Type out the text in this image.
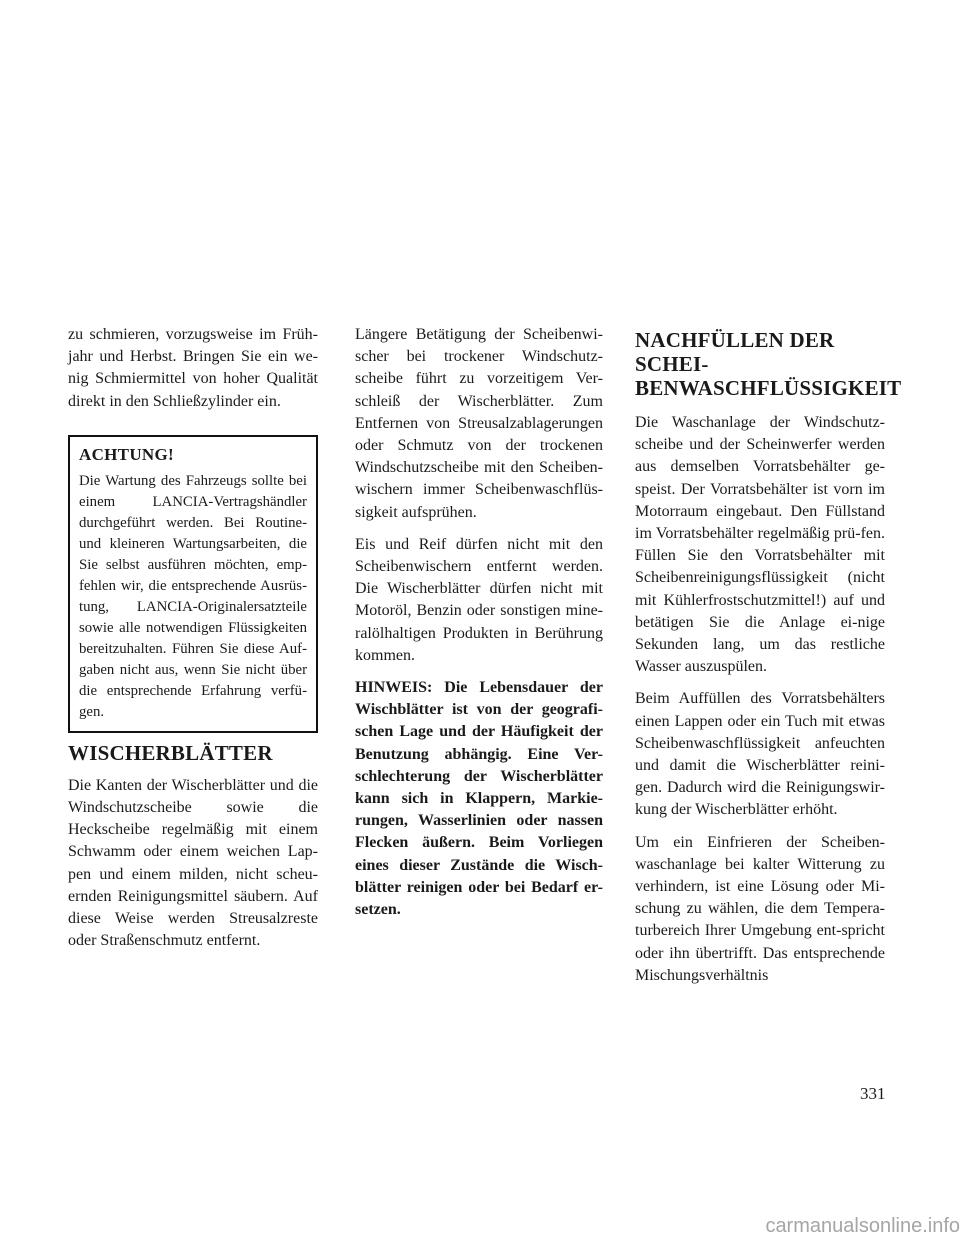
zu schmieren, vorzugsweise im Früh-jahr und Herbst. Bringen Sie ein we-nig Schmiermittel von hoher Qualität direkt in den Schließzylinder ein.

ACHTUNG!

Die Wartung des Fahrzeugs sollte bei einem LANCIA-Vertragshändler durchgeführt werden. Bei Routine- und kleineren Wartungsarbeiten, die Sie selbst ausführen möchten, emp-fehlen wir, die entsprechende Ausrüs-tung, LANCIA-Originalersatzteile sowie alle notwendigen Flüssigkeiten bereitzuhalten. Führen Sie diese Auf-gaben nicht aus, wenn Sie nicht über die entsprechende Erfahrung verfü-gen.

WISCHERBLÄTTER

Die Kanten der Wischerblätter und die Windschutzscheibe sowie die Heckscheibe regelmäßig mit einem Schwamm oder einem weichen Lap-pen und einem milden, nicht scheu-ernden Reinigungsmittel säubern. Auf diese Weise werden Streusalzreste oder Straßenschmutz entfernt.

Längere Betätigung der Scheibenwi-scher bei trockener Windschutz-scheibe führt zu vorzeitigem Ver-schleiß der Wischerblätter. Zum Entfernen von Streusalzablagerungen oder Schmutz von der trockenen Windschutzscheibe mit den Scheiben-wischern immer Scheibenwaschflüs-sigkeit aufsprühen.

Eis und Reif dürfen nicht mit den Scheibenwischern entfernt werden. Die Wischerblätter dürfen nicht mit Motoröl, Benzin oder sonstigen mine-ralölhaltigen Produkten in Berührung kommen.

HINWEIS: Die Lebensdauer der Wischblätter ist von der geografi-schen Lage und der Häufigkeit der Benutzung abhängig. Eine Ver-schlechterung der Wischerblätter kann sich in Klappern, Markie-rungen, Wasserlinien oder nassen Flecken äußern. Beim Vorliegen eines dieser Zustände die Wisch-blätter reinigen oder bei Bedarf er-setzen.

NACHFÜLLEN DER SCHEI-BENWASCHFLÜSSIGKEIT

Die Waschanlage der Windschutz-scheibe und der Scheinwerfer werden aus demselben Vorratsbehälter ge-speist. Der Vorratsbehälter ist vorn im Motorraum eingebaut. Den Füllstand im Vorratsbehälter regelmäßig prü-fen. Füllen Sie den Vorratsbehälter mit Scheibenreinigungsflüssigkeit (nicht mit Kühlerfrostschutzmittel!) auf und betätigen Sie die Anlage ei-nige Sekunden lang, um das restliche Wasser auszuspülen.

Beim Auffüllen des Vorratsbehälters einen Lappen oder ein Tuch mit etwas Scheibenwaschflüssigkeit anfeuchten und damit die Wischerblätter reini-gen. Dadurch wird die Reinigungswir-kung der Wischerblätter erhöht.

Um ein Einfrieren der Scheiben-waschanlage bei kalter Witterung zu verhindern, ist eine Lösung oder Mi-schung zu wählen, die dem Tempera-turbereich Ihrer Umgebung ent-spricht oder ihn übertrifft. Das entsprechende Mischungsverhältnis

331
carmanualsonline.info
